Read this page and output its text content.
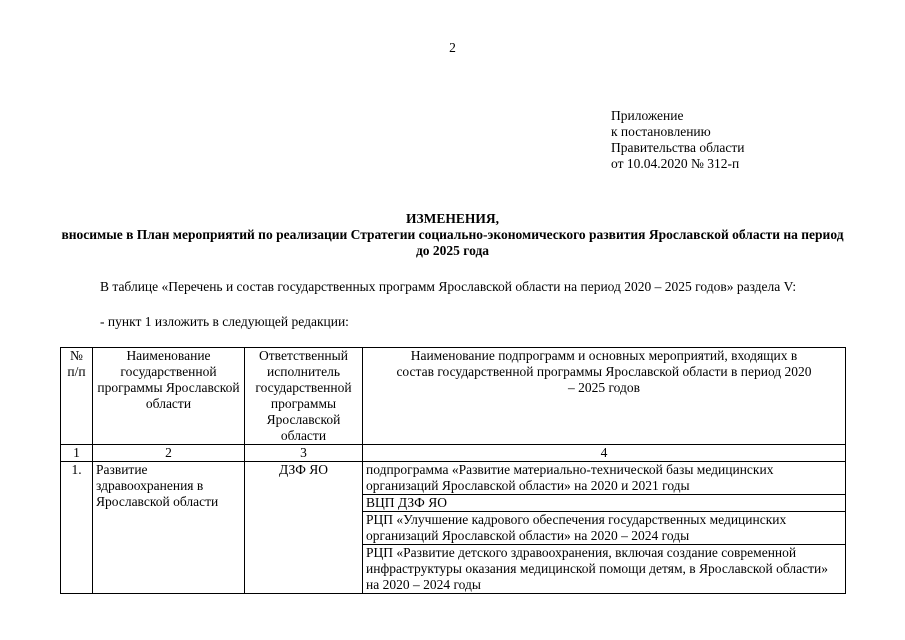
2
Приложение
к постановлению
Правительства области
от 10.04.2020 № 312-п
ИЗМЕНЕНИЯ,
вносимые в План мероприятий по реализации Стратегии социально-экономического развития Ярославской области на период до 2025 года
В таблице «Перечень и состав государственных программ Ярославской области на период 2020 – 2025 годов» раздела V:
- пункт 1 изложить в следующей редакции:
№ п/п	Наименование государственной программы Ярославской области	Ответственный исполнитель государственной программы Ярославской области	Наименование подпрограмм и основных мероприятий, входящих в состав государственной программы Ярославской области в период 2020 – 2025 годов
1	2	3	4
1.	Развитие здравоохранения в Ярославской области	ДЗФ ЯО	подпрограмма «Развитие материально-технической базы медицинских организаций Ярославской области» на 2020 и 2021 годы
			ВЦП ДЗФ ЯО
			РЦП «Улучшение кадрового обеспечения государственных медицинских организаций Ярославской области» на 2020 – 2024 годы
			РЦП «Развитие детского здравоохранения, включая создание современной инфраструктуры оказания медицинской помощи детям, в Ярославской области» на 2020 – 2024 годы
